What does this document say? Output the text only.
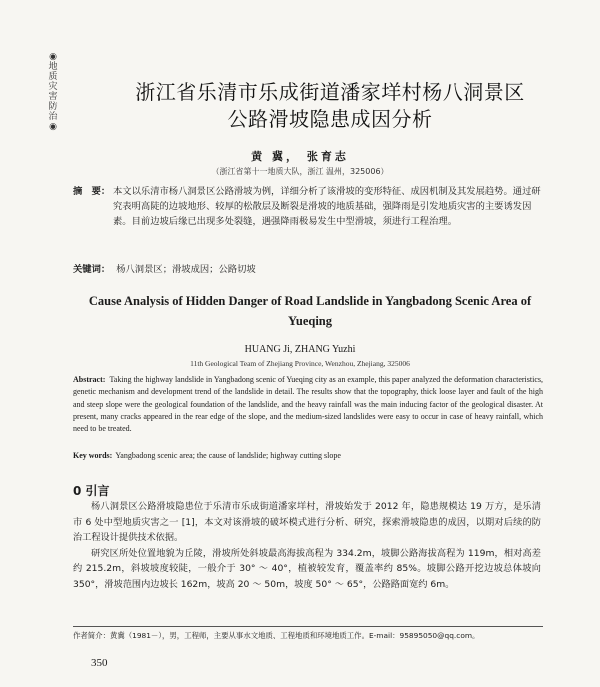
◉
地质灾害防治
◉
浙江省乐清市乐成街道潘家垟村杨八洞景区
公路滑坡隐患成因分析
黄 冀， 张育志
（浙江省第十一地质大队，浙江 温州，325006）
摘　要： 本文以乐清市杨八洞景区公路滑坡为例，详细分析了该滑坡的变形特征、成因机制及其发展趋势。通过研究表明高陡的边坡地形、较厚的松散层及断裂是滑坡的地质基础，强降雨是引发地质灾害的主要诱发因素。目前边坡后缘已出现多处裂缝，遇强降雨极易发生中型滑坡，须进行工程治理。
关键词： 杨八洞景区；滑坡成因；公路切坡
Cause Analysis of Hidden Danger of Road Landslide in Yangbadong Scenic Area of Yueqing
HUANG Ji, ZHANG Yuzhi
11th Geological Team of Zhejiang Province, Wenzhou, Zhejiang, 325006
Abstract: Taking the highway landslide in Yangbadong scenic of Yueqing city as an example, this paper analyzed the deformation characteristics, genetic mechanism and development trend of the landslide in detail. The results show that the topography, thick loose layer and fault of the high and steep slope were the geological foundation of the landslide, and the heavy rainfall was the main inducing factor of the geological disaster. At present, many cracks appeared in the rear edge of the slope, and the medium-sized landslides were easy to occur in case of heavy rainfall, which need to be treated.
Key words: Yangbadong scenic area; the cause of landslide; highway cutting slope
0 引言

杨八洞景区公路滑坡隐患位于乐清市乐成街道潘家垟村，滑坡始发于 2012 年，隐患规模达 19 万方，是乐清市 6 处中型地质灾害之一 [1]，本文对该滑坡的破坏模式进行分析、研究，探索滑坡隐患的成因，以期对后续的防治工程设计提供技术依据。

研究区所处位置地貌为丘陵，滑坡所处斜坡最高海拔高程为 334.2m，坡脚公路海拔高程为 119m，相对高差约 215.2m，斜坡坡度较陡，一般介于 30° ～ 40°，植被较发育，覆盖率约 85%。坡脚公路开挖边坡总体坡向 350°，滑坡范围内边坡长 162m，坡高 20 ～ 50m，坡度 50° ～ 65°，公路路面宽约 6m。

作者简介：黄冀（1981－），男，工程师，主要从事水文地质、工程地质和环境地质工作。E-mail：95895050@qq.com。
350
